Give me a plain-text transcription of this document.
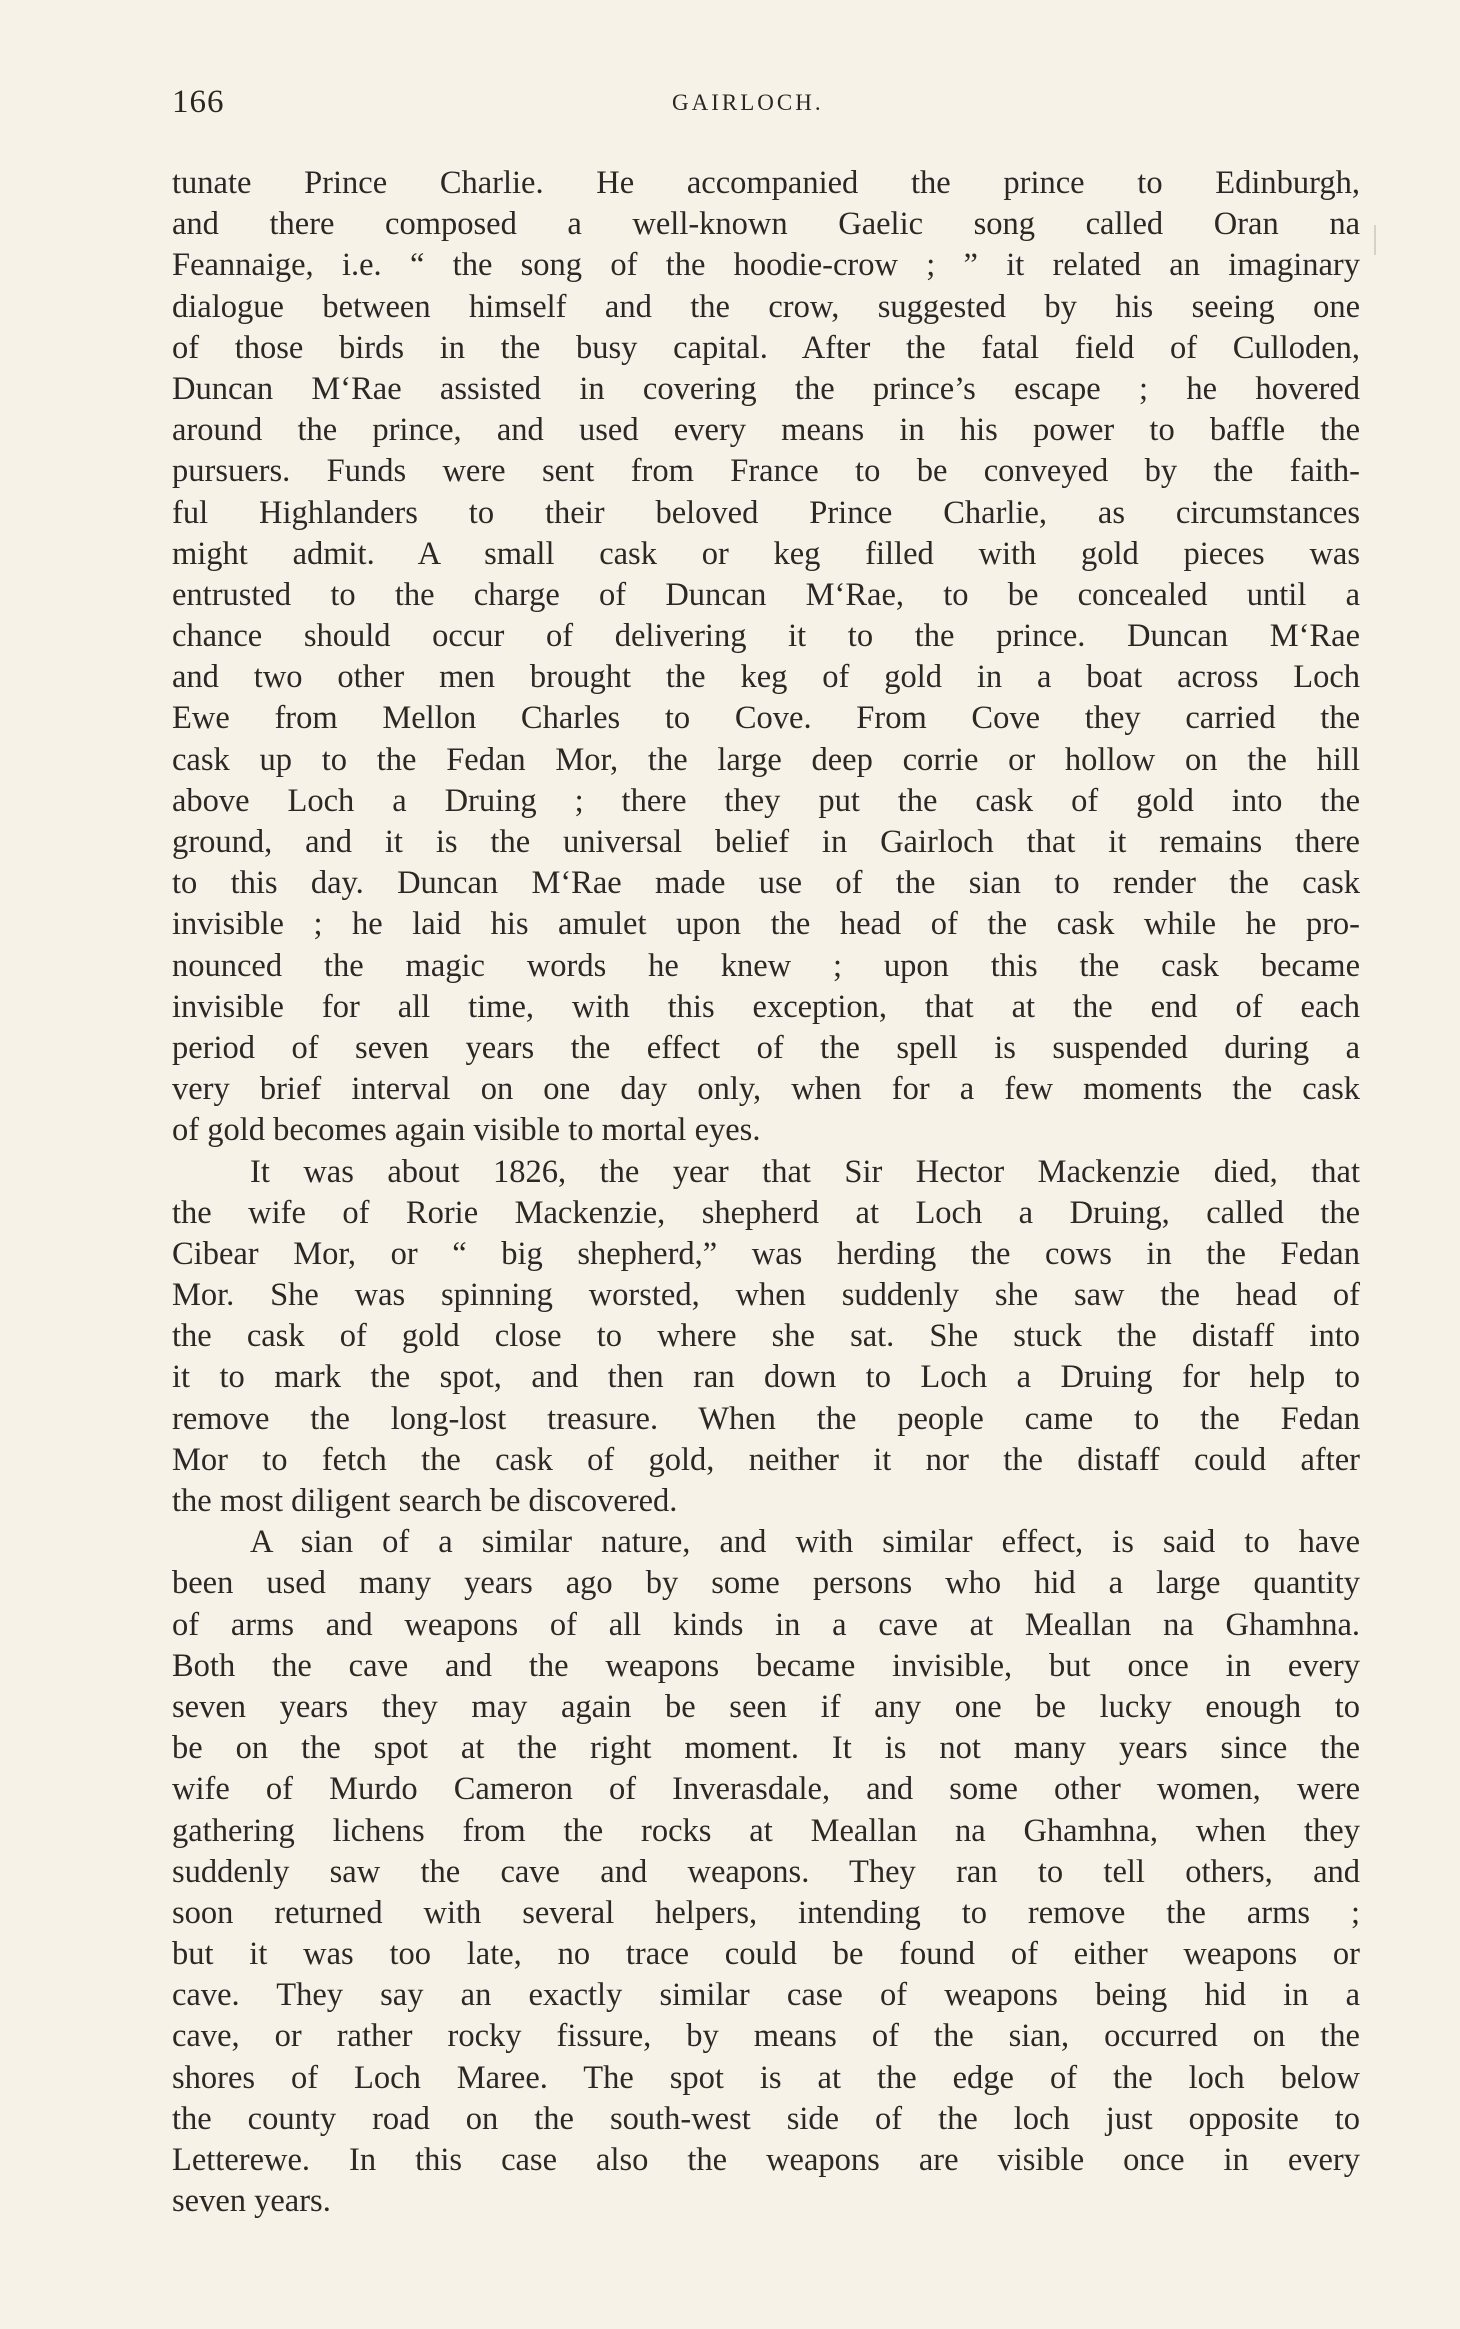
166	GAIRLOCH.
tunate Prince Charlie. He accompanied the prince to Edinburgh,
and there composed a well-known Gaelic song called Oran na
Feannaige, i.e. “ the song of the hoodie-crow ; ” it related an imaginary
dialogue between himself and the crow, suggested by his seeing one
of those birds in the busy capital. After the fatal field of Culloden,
Duncan M‘Rae assisted in covering the prince’s escape ; he hovered
around the prince, and used every means in his power to baffle the
pursuers. Funds were sent from France to be conveyed by the faith-
ful Highlanders to their beloved Prince Charlie, as circumstances
might admit. A small cask or keg filled with gold pieces was
entrusted to the charge of Duncan M‘Rae, to be concealed until a
chance should occur of delivering it to the prince. Duncan M‘Rae
and two other men brought the keg of gold in a boat across Loch
Ewe from Mellon Charles to Cove. From Cove they carried the
cask up to the Fedan Mor, the large deep corrie or hollow on the hill
above Loch a Druing ; there they put the cask of gold into the
ground, and it is the universal belief in Gairloch that it remains there
to this day. Duncan M‘Rae made use of the sian to render the cask
invisible ; he laid his amulet upon the head of the cask while he pro-
nounced the magic words he knew ; upon this the cask became
invisible for all time, with this exception, that at the end of each
period of seven years the effect of the spell is suspended during a
very brief interval on one day only, when for a few moments the cask
of gold becomes again visible to mortal eyes.
It was about 1826, the year that Sir Hector Mackenzie died, that
the wife of Rorie Mackenzie, shepherd at Loch a Druing, called the
Cibear Mor, or “ big shepherd,” was herding the cows in the Fedan
Mor. She was spinning worsted, when suddenly she saw the head of
the cask of gold close to where she sat. She stuck the distaff into
it to mark the spot, and then ran down to Loch a Druing for help to
remove the long-lost treasure. When the people came to the Fedan
Mor to fetch the cask of gold, neither it nor the distaff could after
the most diligent search be discovered.
A sian of a similar nature, and with similar effect, is said to have
been used many years ago by some persons who hid a large quantity
of arms and weapons of all kinds in a cave at Meallan na Ghamhna.
Both the cave and the weapons became invisible, but once in every
seven years they may again be seen if any one be lucky enough to
be on the spot at the right moment. It is not many years since the
wife of Murdo Cameron of Inverasdale, and some other women, were
gathering lichens from the rocks at Meallan na Ghamhna, when they
suddenly saw the cave and weapons. They ran to tell others, and
soon returned with several helpers, intending to remove the arms ;
but it was too late, no trace could be found of either weapons or
cave. They say an exactly similar case of weapons being hid in a
cave, or rather rocky fissure, by means of the sian, occurred on the
shores of Loch Maree. The spot is at the edge of the loch below
the county road on the south-west side of the loch just opposite to
Letterewe. In this case also the weapons are visible once in every
seven years.
